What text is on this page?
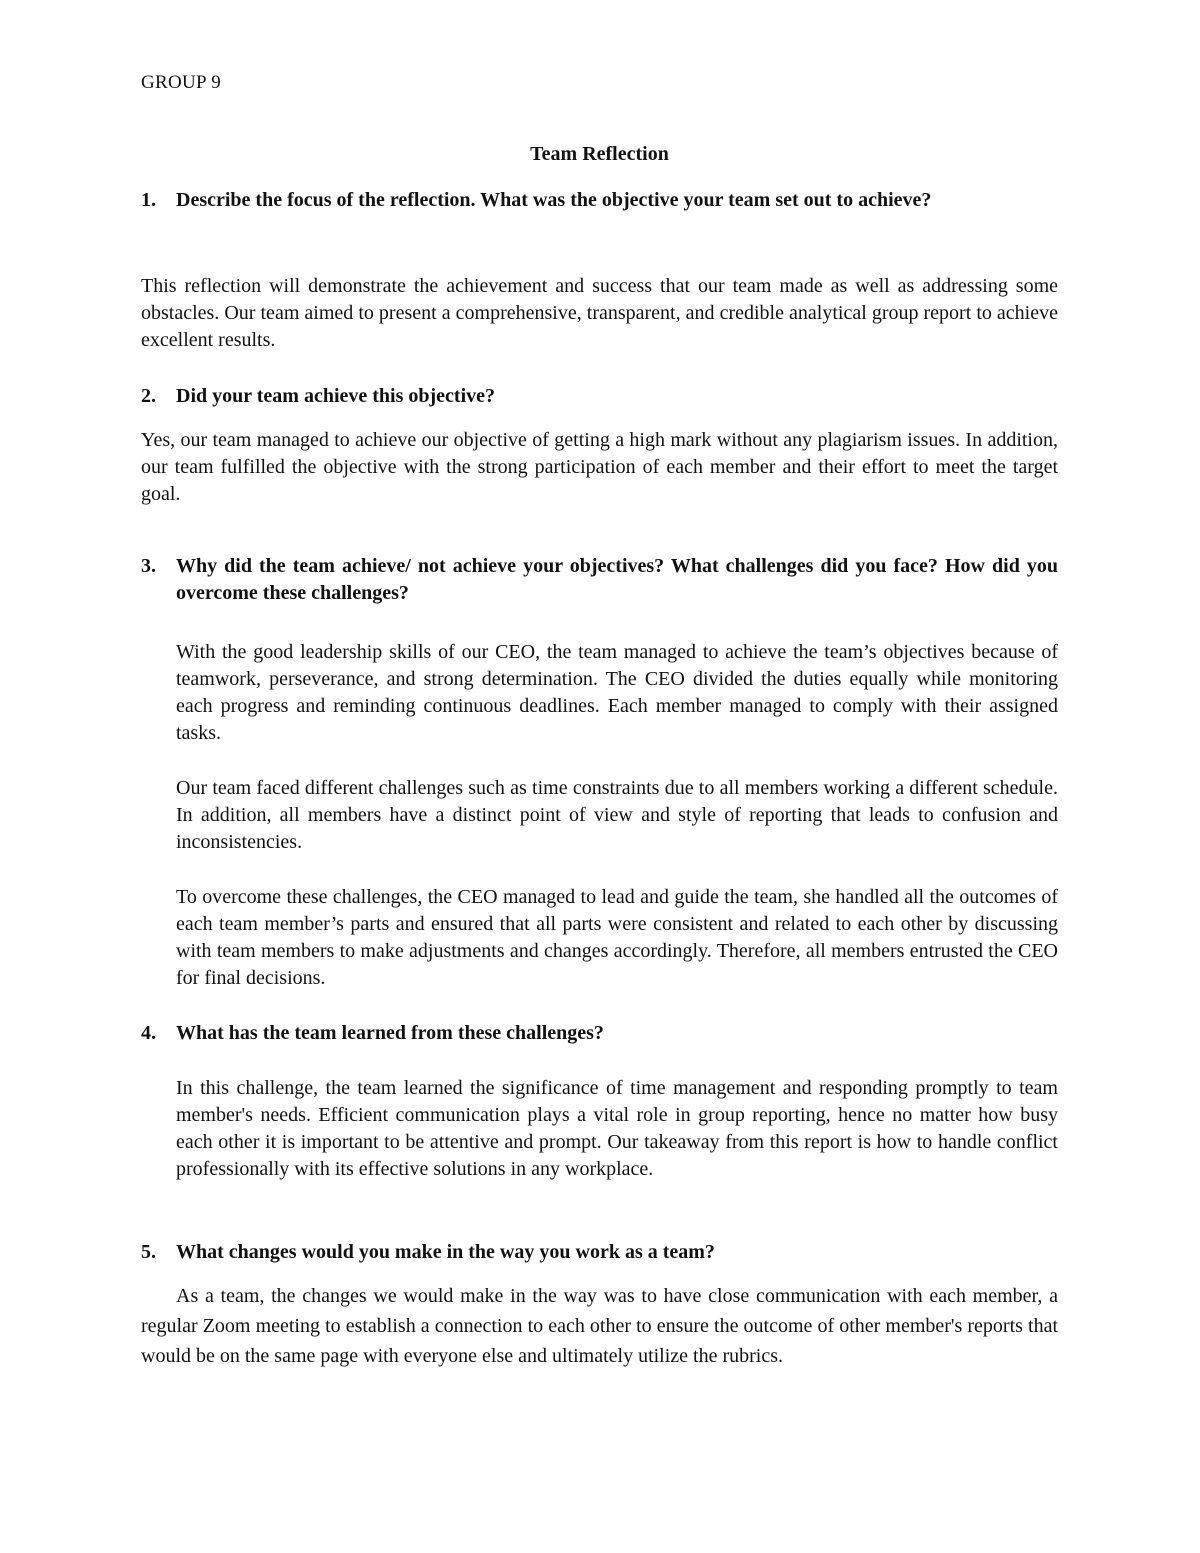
GROUP 9
Team Reflection
1. Describe the focus of the reflection. What was the objective your team set out to achieve?

This reflection will demonstrate the achievement and success that our team made as well as addressing some obstacles. Our team aimed to present a comprehensive, transparent, and credible analytical group report to achieve excellent results.

2. Did your team achieve this objective?

Yes, our team managed to achieve our objective of getting a high mark without any plagiarism issues. In addition, our team fulfilled the objective with the strong participation of each member and their effort to meet the target goal.

3. Why did the team achieve/ not achieve your objectives? What challenges did you face? How did you overcome these challenges?

With the good leadership skills of our CEO, the team managed to achieve the team’s objectives because of teamwork, perseverance, and strong determination. The CEO divided the duties equally while monitoring each progress and reminding continuous deadlines. Each member managed to comply with their assigned tasks.

Our team faced different challenges such as time constraints due to all members working a different schedule. In addition, all members have a distinct point of view and style of reporting that leads to confusion and inconsistencies.

To overcome these challenges, the CEO managed to lead and guide the team, she handled all the outcomes of each team member’s parts and ensured that all parts were consistent and related to each other by discussing with team members to make adjustments and changes accordingly. Therefore, all members entrusted the CEO for final decisions.

4. What has the team learned from these challenges?

In this challenge, the team learned the significance of time management and responding promptly to team member's needs. Efficient communication plays a vital role in group reporting, hence no matter how busy each other it is important to be attentive and prompt. Our takeaway from this report is how to handle conflict professionally with its effective solutions in any workplace.

5. What changes would you make in the way you work as a team?
As a team, the changes we would make in the way was to have close communication with each member, a regular Zoom meeting to establish a connection to each other to ensure the outcome of other member's reports that would be on the same page with everyone else and ultimately utilize the rubrics.
